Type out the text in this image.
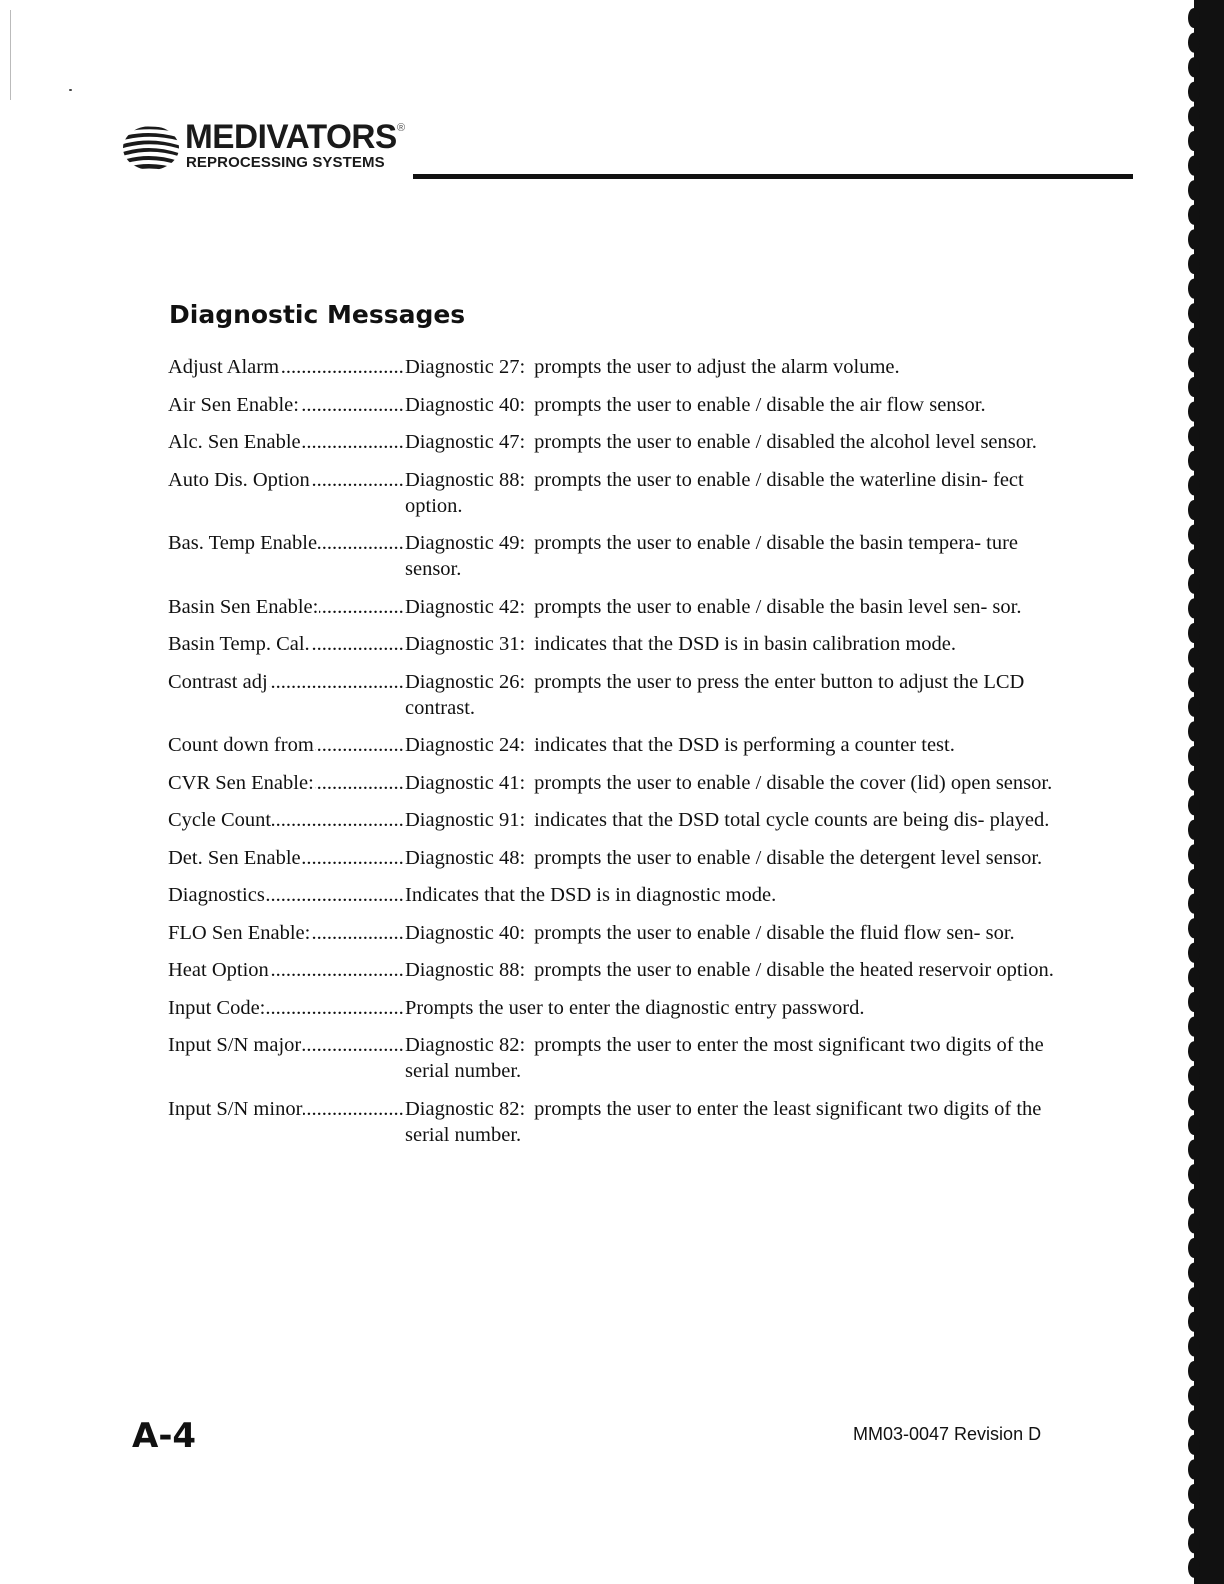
MEDIVATORS ®
REPROCESSING SYSTEMS
Diagnostic Messages
Adjust Alarm .....	Diagnostic 27: prompts the user to adjust the alarm volume.
Air Sen Enable: .....	Diagnostic 40: prompts the user to enable / disable the air flow sensor.
Alc. Sen Enable .....	Diagnostic 47: prompts the user to enable / disabled the alcohol level sensor.
Auto Dis. Option .....	Diagnostic 88: prompts the user to enable / disable the waterline disin- fect option.
Bas. Temp Enable .....	Diagnostic 49: prompts the user to enable / disable the basin tempera- ture sensor.
Basin Sen Enable: .....	Diagnostic 42: prompts the user to enable / disable the basin level sen- sor.
Basin Temp. Cal. .....	Diagnostic 31: indicates that the DSD is in basin calibration mode.
Contrast adj .....	Diagnostic 26: prompts the user to press the enter button to adjust the LCD contrast.
Count down from .....	Diagnostic 24: indicates that the DSD is performing a counter test.
CVR Sen Enable: .....	Diagnostic 41: prompts the user to enable / disable the cover (lid) open sensor.
Cycle Count .....	Diagnostic 91: indicates that the DSD total cycle counts are being dis- played.
Det. Sen Enable .....	Diagnostic 48: prompts the user to enable / disable the detergent level sensor.
Diagnostics .....	Indicates that the DSD is in diagnostic mode.
FLO Sen Enable: .....	Diagnostic 40: prompts the user to enable / disable the fluid flow sen- sor.
Heat Option .....	Diagnostic 88: prompts the user to enable / disable the heated reservoir option.
Input Code: .....	Prompts the user to enter the diagnostic entry password.
Input S/N major .....	Diagnostic 82: prompts the user to enter the most significant two digits of the serial number.
Input S/N minor .....	Diagnostic 82: prompts the user to enter the least significant two digits of the serial number.
A-4	MM03-0047 Revision D
